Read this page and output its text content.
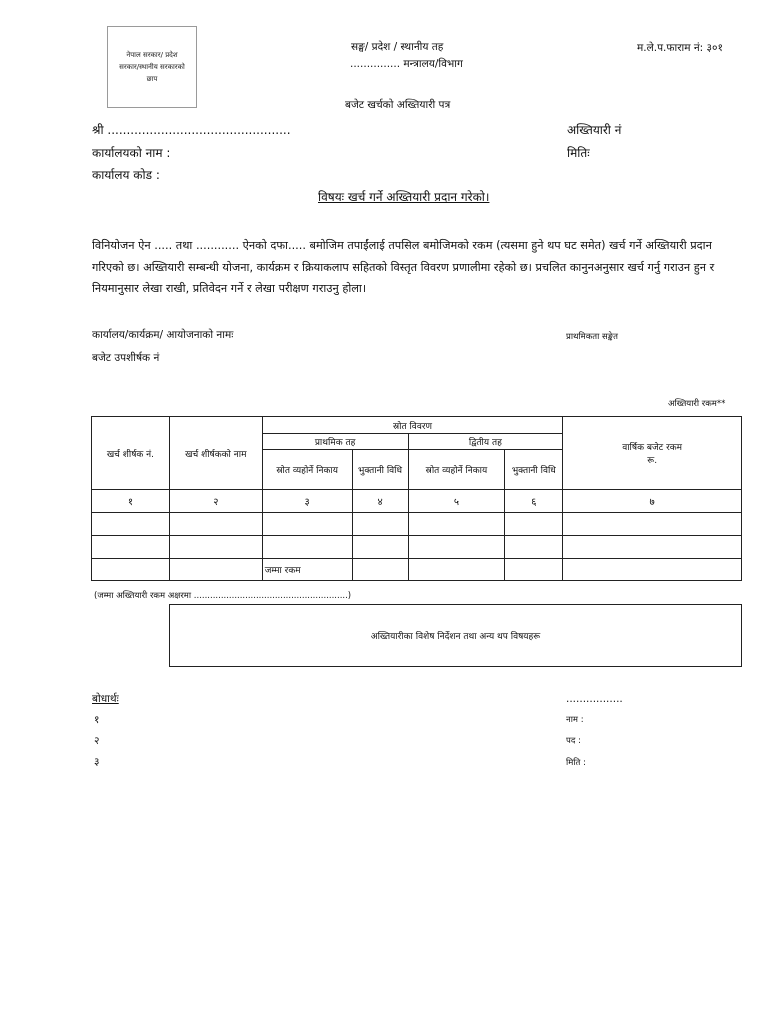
नेपाल सरकार/ प्रदेश
सरकार/स्थानीय सरकारको
छाप
सङ्घ/ प्रदेश / स्थानीय तह
............... मन्त्रालय/विभाग
म.ले.प.फाराम नं: ३०१
बजेट खर्चको अख्तियारी पत्र
श्री ................................................
कार्यालयको नाम :
कार्यालय कोड :
अख्तियारी नं
मितिः
विषयः खर्च गर्ने अख्तियारी प्रदान गरेको।
विनियोजन ऐन ..... तथा ............ ऐनको दफा..... बमोजिम तपाईंलाई तपसिल बमोजिमको रकम (त्यसमा हुने थप घट समेत) खर्च गर्ने अख्तियारी प्रदान गरिएको छ। अख्तियारी सम्बन्धी योजना, कार्यक्रम र क्रियाकलाप सहितको विस्तृत विवरण प्रणालीमा रहेको छ। प्रचलित कानुनअनुसार खर्च गर्नु गराउन हुन र नियमानुसार लेखा राखी, प्रतिवेदन गर्ने र लेखा परीक्षण गराउनु होला।
कार्यालय/कार्यक्रम/ आयोजनाको नामः
बजेट उपशीर्षक नं
प्राथमिकता सङ्केत
अख्तियारी रकम**
खर्च शीर्षक नं.	खर्च शीर्षकको नाम	स्रोत विवरण				वार्षिक बजेट रकम
रू.

		प्राथमिक तह		द्वितीय तह		
		स्रोत व्यहोर्ने निकाय	भुक्तानी विधि	स्रोत व्यहोर्ने निकाय	भुक्तानी विधि	
१	२	३	४	५	६	७

		जम्मा रकम				
(जम्मा अख्तियारी रकम अक्षरमा .........................................................)
अख्तियारीका विशेष निर्देशन तथा अन्य थप विषयहरू
बोधार्थः
१
२
३
.................
नाम :
पद :
मिति :
